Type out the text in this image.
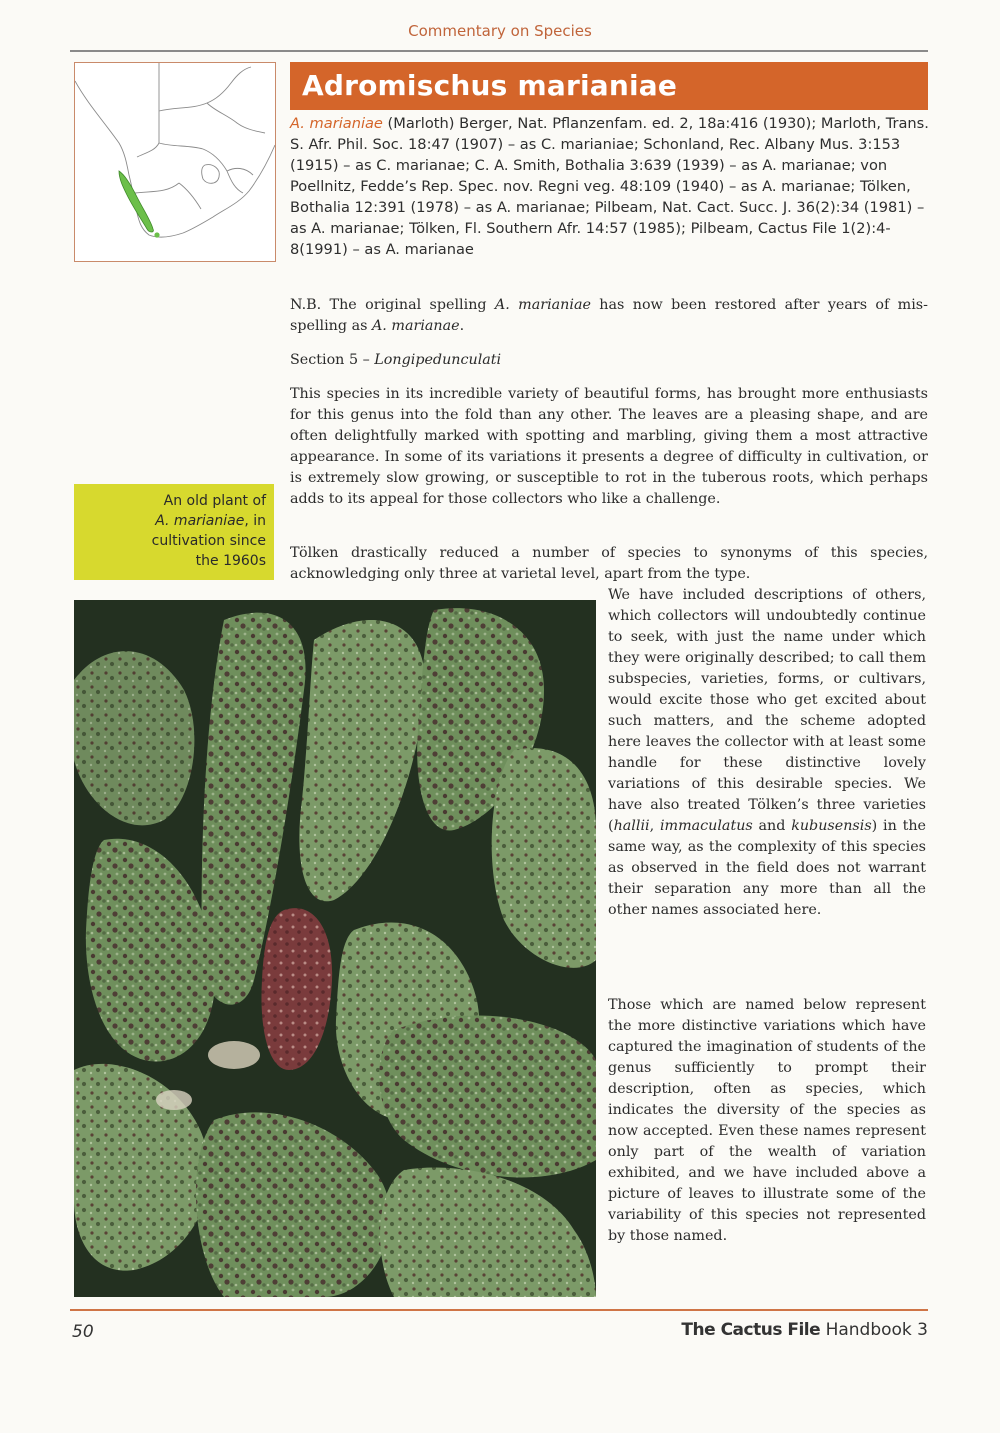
Commentary on Species
Adromischus marianiae
A. marianiae (Marloth) Berger, Nat. Pflanzenfam. ed. 2, 18a:416 (1930); Marloth, Trans. S. Afr. Phil. Soc. 18:47 (1907) – as C. marianiae; Schonland, Rec. Albany Mus. 3:153 (1915) – as C. marianae; C. A. Smith, Bothalia 3:639 (1939) – as A. marianae; von Poellnitz, Fedde’s Rep. Spec. nov. Regni veg. 48:109 (1940) – as A. marianae; Tölken, Bothalia 12:391 (1978) – as A. marianae; Pilbeam, Nat. Cact. Succ. J. 36(2):34 (1981) – as A. marianae; Tölken, Fl. Southern Afr. 14:57 (1985); Pilbeam, Cactus File 1(2):4-8(1991) – as A. marianae

N.B. The original spelling A. marianiae has now been restored after years of mis-spelling as A. marianae.

Section 5 – Longipedunculati

This species in its incredible variety of beautiful forms, has brought more enthusiasts for this genus into the fold than any other. The leaves are a pleasing shape, and are often delightfully marked with spotting and marbling, giving them a most attractive appearance. In some of its variations it presents a degree of difficulty in cultivation, or is extremely slow growing, or susceptible to rot in the tuberous roots, which perhaps adds to its appeal for those collectors who like a challenge.

Tölken drastically reduced a number of species to synonyms of this species, acknowledging only three at varietal level, apart from the type.

We have included descriptions of others, which collectors will undoubtedly continue to seek, with just the name under which they were originally described; to call them subspecies, varieties, forms, or cultivars, would excite those who get excited about such matters, and the scheme adopted here leaves the collector with at least some handle for these distinctive lovely variations of this desirable species. We have also treated Tölken’s three varieties (hallii, immaculatus and kubusensis) in the same way, as the complexity of this species as observed in the field does not warrant their separation any more than all the other names associated here.

Those which are named below represent the more distinctive variations which have captured the imagination of students of the genus sufficiently to prompt their description, often as species, which indicates the diversity of the species as now accepted. Even these names represent only part of the wealth of variation exhibited, and we have included above a picture of leaves to illustrate some of the variability of this species not represented by those named.

An old plant of
A. marianiae, in
cultivation since
the 1960s
50	The Cactus File Handbook 3
